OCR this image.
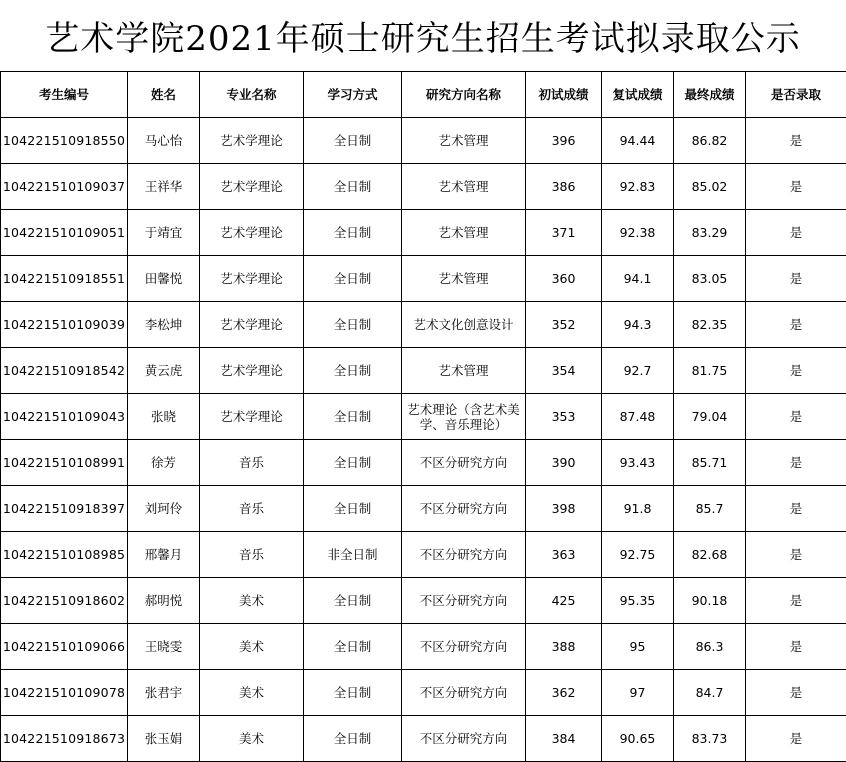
艺术学院2021年硕士研究生招生考试拟录取公示
考生编号	姓名	专业名称	学习方式	研究方向名称	初试成绩	复试成绩	最终成绩	是否录取
104221510918550	马心怡	艺术学理论	全日制	艺术管理	396	94.44	86.82	是
104221510109037	王祥华	艺术学理论	全日制	艺术管理	386	92.83	85.02	是
104221510109051	于靖宜	艺术学理论	全日制	艺术管理	371	92.38	83.29	是
104221510918551	田馨悦	艺术学理论	全日制	艺术管理	360	94.1	83.05	是
104221510109039	李松坤	艺术学理论	全日制	艺术文化创意设计	352	94.3	82.35	是
104221510918542	黄云虎	艺术学理论	全日制	艺术管理	354	92.7	81.75	是
104221510109043	张晓	艺术学理论	全日制	艺术理论（含艺术美学、音乐理论）	353	87.48	79.04	是
104221510108991	徐芳	音乐	全日制	不区分研究方向	390	93.43	85.71	是
104221510918397	刘珂伶	音乐	全日制	不区分研究方向	398	91.8	85.7	是
104221510108985	邢馨月	音乐	非全日制	不区分研究方向	363	92.75	82.68	是
104221510918602	郝明悦	美术	全日制	不区分研究方向	425	95.35	90.18	是
104221510109066	王晓雯	美术	全日制	不区分研究方向	388	95	86.3	是
104221510109078	张君宇	美术	全日制	不区分研究方向	362	97	84.7	是
104221510918673	张玉娟	美术	全日制	不区分研究方向	384	90.65	83.73	是
